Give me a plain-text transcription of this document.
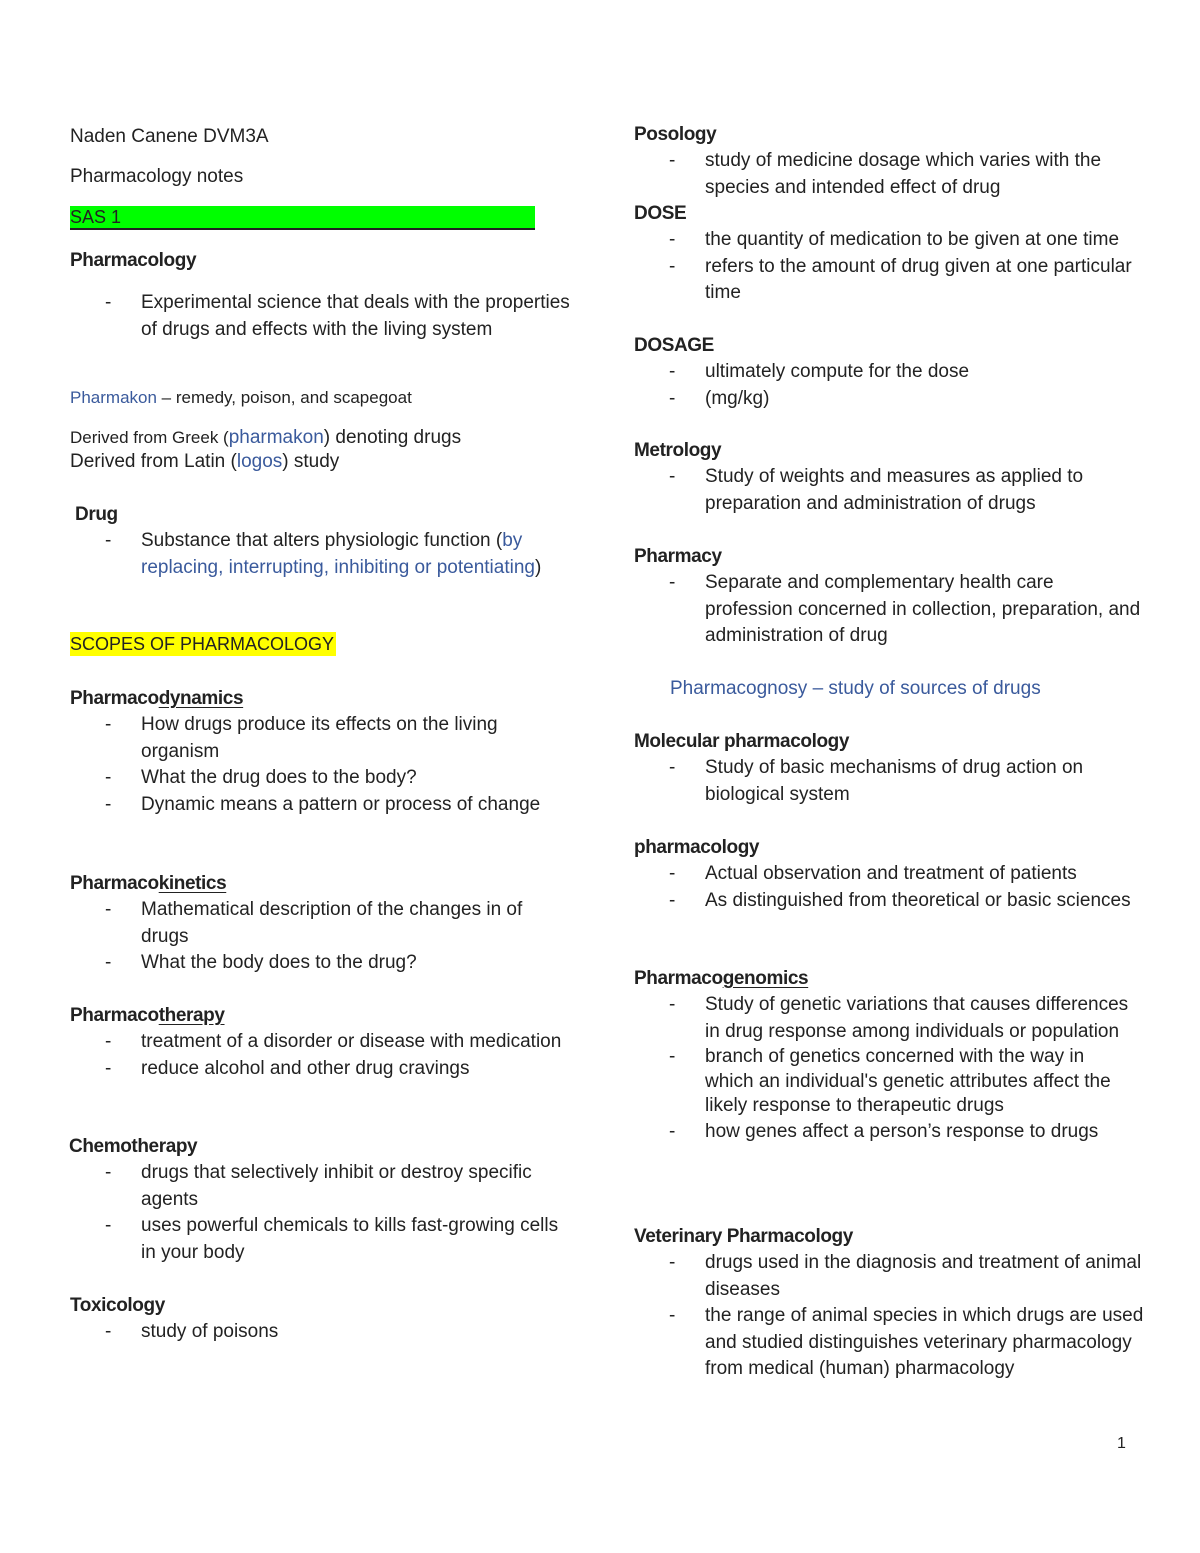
Naden Canene DVM3A
Pharmacology notes
SAS 1
Pharmacology
- Experimental science that deals with the properties of drugs and effects with the living system
Pharmakon – remedy, poison, and scapegoat
Derived from Greek (pharmakon) denoting drugs
Derived from Latin (logos) study
Drug
- Substance that alters physiologic function (by replacing, interrupting, inhibiting or potentiating)
SCOPES OF PHARMACOLOGY
Pharmacodynamics
- How drugs produce its effects on the living organism
- What the drug does to the body?
- Dynamic means a pattern or process of change
Pharmacokinetics
- Mathematical description of the changes in of drugs
- What the body does to the drug?
Pharmacotherapy
- treatment of a disorder or disease with medication
- reduce alcohol and other drug cravings
Chemotherapy
- drugs that selectively inhibit or destroy specific agents
- uses powerful chemicals to kills fast-growing cells in your body
Toxicology
- study of poisons
Posology
- study of medicine dosage which varies with the species and intended effect of drug
DOSE
- the quantity of medication to be given at one time
- refers to the amount of drug given at one particular time
DOSAGE
- ultimately compute for the dose
- (mg/kg)
Metrology
- Study of weights and measures as applied to preparation and administration of drugs
Pharmacy
- Separate and complementary health care profession concerned in collection, preparation, and administration of drug
Pharmacognosy – study of sources of drugs
Molecular pharmacology
- Study of basic mechanisms of drug action on biological system
pharmacology
- Actual observation and treatment of patients
- As distinguished from theoretical or basic sciences
Pharmacogenomics
- Study of genetic variations that causes differences in drug response among individuals or population
- branch of genetics concerned with the way in which an individual's genetic attributes affect the likely response to therapeutic drugs
- how genes affect a person’s response to drugs
Veterinary Pharmacology
- drugs used in the diagnosis and treatment of animal diseases
- the range of animal species in which drugs are used and studied distinguishes veterinary pharmacology from medical (human) pharmacology
1
